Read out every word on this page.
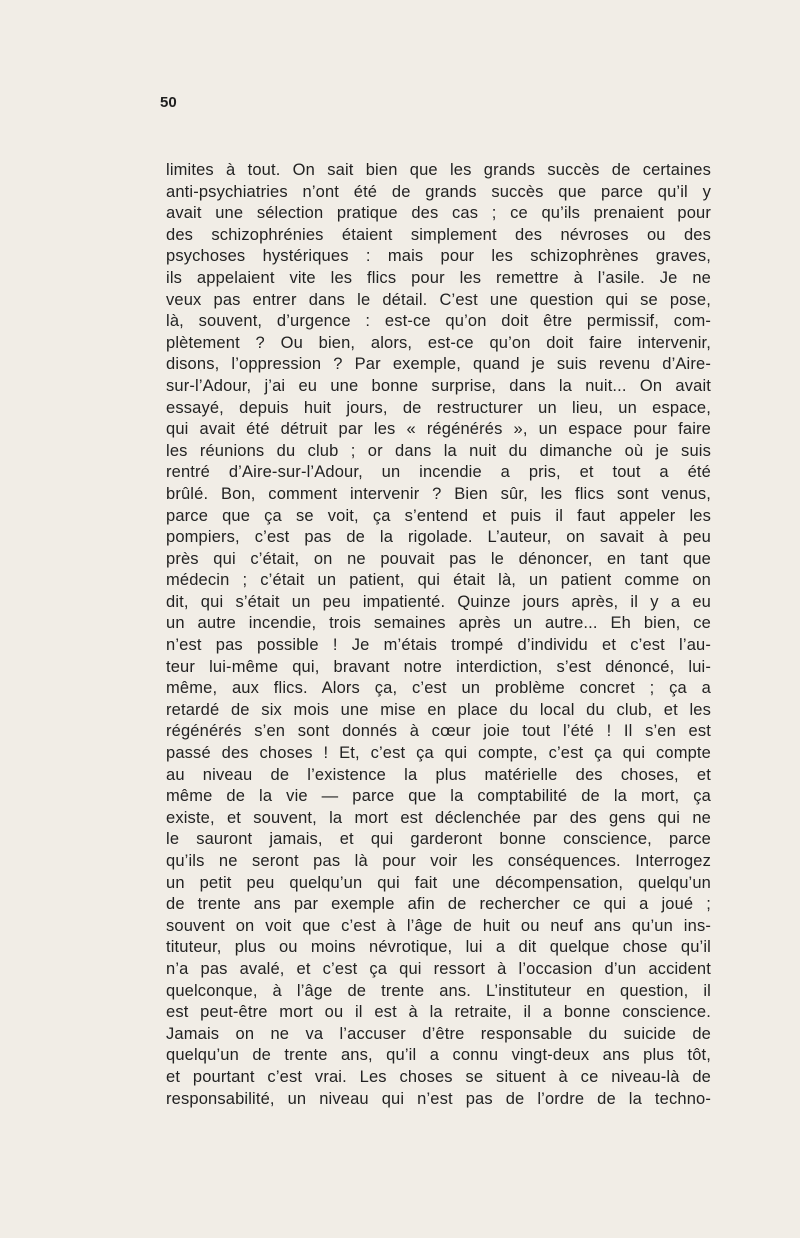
50
limites à tout. On sait bien que les grands succès de certaines
anti-psychiatries n’ont été de grands succès que parce qu’il y
avait une sélection pratique des cas ; ce qu’ils prenaient pour
des schizophrénies étaient simplement des névroses ou des
psychoses hystériques : mais pour les schizophrènes graves,
ils appelaient vite les flics pour les remettre à l’asile. Je ne
veux pas entrer dans le détail. C’est une question qui se pose,
là, souvent, d’urgence : est-ce qu’on doit être permissif, com-
plètement ? Ou bien, alors, est-ce qu’on doit faire intervenir,
disons, l’oppression ? Par exemple, quand je suis revenu d’Aire-
sur-l’Adour, j’ai eu une bonne surprise, dans la nuit... On avait
essayé, depuis huit jours, de restructurer un lieu, un espace,
qui avait été détruit par les « régénérés », un espace pour faire
les réunions du club ; or dans la nuit du dimanche où je suis
rentré d’Aire-sur-l’Adour, un incendie a pris, et tout a été
brûlé. Bon, comment intervenir ? Bien sûr, les flics sont venus,
parce que ça se voit, ça s’entend et puis il faut appeler les
pompiers, c’est pas de la rigolade. L’auteur, on savait à peu
près qui c’était, on ne pouvait pas le dénoncer, en tant que
médecin ; c’était un patient, qui était là, un patient comme on
dit, qui s’était un peu impatienté. Quinze jours après, il y a eu
un autre incendie, trois semaines après un autre... Eh bien, ce
n’est pas possible ! Je m’étais trompé d’individu et c’est l’au-
teur lui-même qui, bravant notre interdiction, s’est dénoncé, lui-
même, aux flics. Alors ça, c’est un problème concret ; ça a
retardé de six mois une mise en place du local du club, et les
régénérés s’en sont donnés à cœur joie tout l’été ! Il s’en est
passé des choses ! Et, c’est ça qui compte, c’est ça qui compte
au niveau de l’existence la plus matérielle des choses, et
même de la vie — parce que la comptabilité de la mort, ça
existe, et souvent, la mort est déclenchée par des gens qui ne
le sauront jamais, et qui garderont bonne conscience, parce
qu’ils ne seront pas là pour voir les conséquences. Interrogez
un petit peu quelqu’un qui fait une décompensation, quelqu’un
de trente ans par exemple afin de rechercher ce qui a joué ;
souvent on voit que c’est à l’âge de huit ou neuf ans qu’un ins-
tituteur, plus ou moins névrotique, lui a dit quelque chose qu’il
n’a pas avalé, et c’est ça qui ressort à l’occasion d’un accident
quelconque, à l’âge de trente ans. L’instituteur en question, il
est peut-être mort ou il est à la retraite, il a bonne conscience.
Jamais on ne va l’accuser d’être responsable du suicide de
quelqu’un de trente ans, qu’il a connu vingt-deux ans plus tôt,
et pourtant c’est vrai. Les choses se situent à ce niveau-là de
responsabilité, un niveau qui n’est pas de l’ordre de la techno-
